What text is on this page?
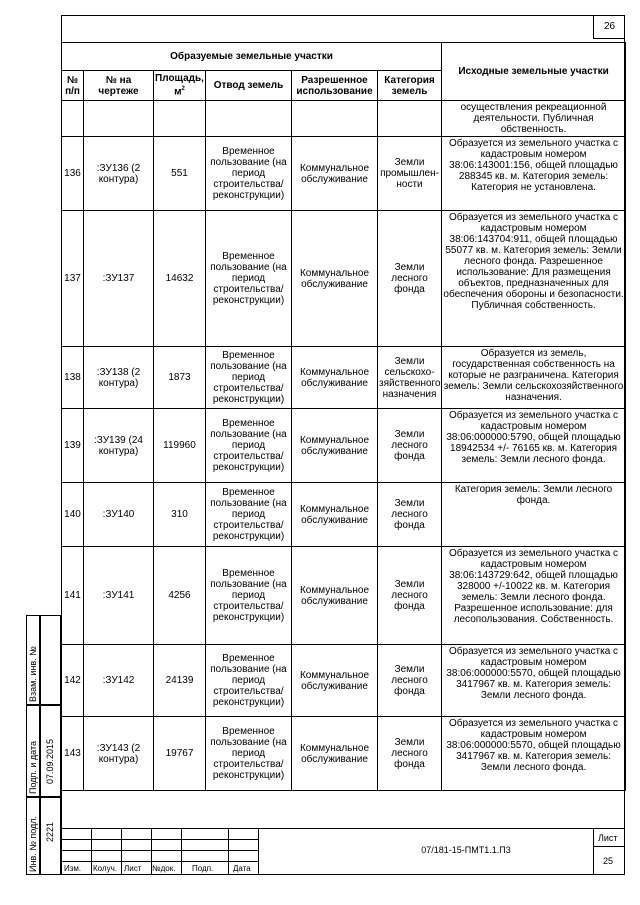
26
Образуемые земельные участки						Исходные земельные участки
№ п/п	№ на чертеже	Площадь, $м^2$	Отвод земель	Разрешенное использование	Категория земель	
						осуществления рекреационной деятельности. Публичная обственность.
136	:ЗУ136 (2 контура)	551	Временное пользование (на период строительства/ реконструкции)	Коммунальное обслуживание	Земли промышлен-ности	Образуется из земельного участка с кадастровым номером 38:06:143001:156, общей площадью 288345 кв. м. Категория земель: Категория не установлена.
137	:ЗУ137	14632	Временное пользование (на период строительства/ реконструкции)	Коммунальное обслуживание	Земли лесного фонда	Образуется из земельного участка с кадастровым номером 38:06:143704:911, общей площадью 55077 кв. м. Категория земель: Земли лесного фонда. Разрешенное использование: Для размещения объектов, предназначенных для обеспечения обороны и безопасности. Публичная собственность.
138	:ЗУ138 (2 контура)	1873	Временное пользование (на период строительства/ реконструкции)	Коммунальное обслуживание	Земли сельскохо-зяйственного назначения	Образуется из земель, государственная собственность на которые не разграничена. Категория земель: Земли сельскохозяйственного назначения.
139	:ЗУ139 (24 контура)	119960	Временное пользование (на период строительства/ реконструкции)	Коммунальное обслуживание	Земли лесного фонда	Образуется из земельного участка с кадастровым номером 38:06:000000:5790, общей площадью 18942534 +/- 76165 кв. м. Категория земель: Земли лесного фонда.
140	:ЗУ140	310	Временное пользование (на период строительства/ реконструкции)	Коммунальное обслуживание	Земли лесного фонда	Категория земель: Земли лесного фонда.
141	:ЗУ141	4256	Временное пользование (на период строительства/ реконструкции)	Коммунальное обслуживание	Земли лесного фонда	Образуется из земельного участка с кадастровым номером 38:06:143729:642, общей площадью 328000 +/-10022 кв. м. Категория земель: Земли лесного фонда. Разрешенное использование: для лесопользования. Собственность.
142	:ЗУ142	24139	Временное пользование (на период строительства/ реконструкции)	Коммунальное обслуживание	Земли лесного фонда	Образуется из земельного участка с кадастровым номером 38:06:000000:5570, общей площадью 3417967 кв. м. Категория земель: Земли лесного фонда.
143	:ЗУ143 (2 контура)	19767	Временное пользование (на период строительства/ реконструкции)	Коммунальное обслуживание	Земли лесного фонда	Образуется из земельного участка с кадастровым номером 38:06:000000:5570, общей площадью 3417967 кв. м. Категория земель: Земли лесного фонда.
Взам. инв. №
Подп. и дата 07.09.2015
Инв. № подл. 2221
Изм. Колуч. Лист №док. Подп. Дата
07/181-15-ПМТ1.1.П3
Лист
25
